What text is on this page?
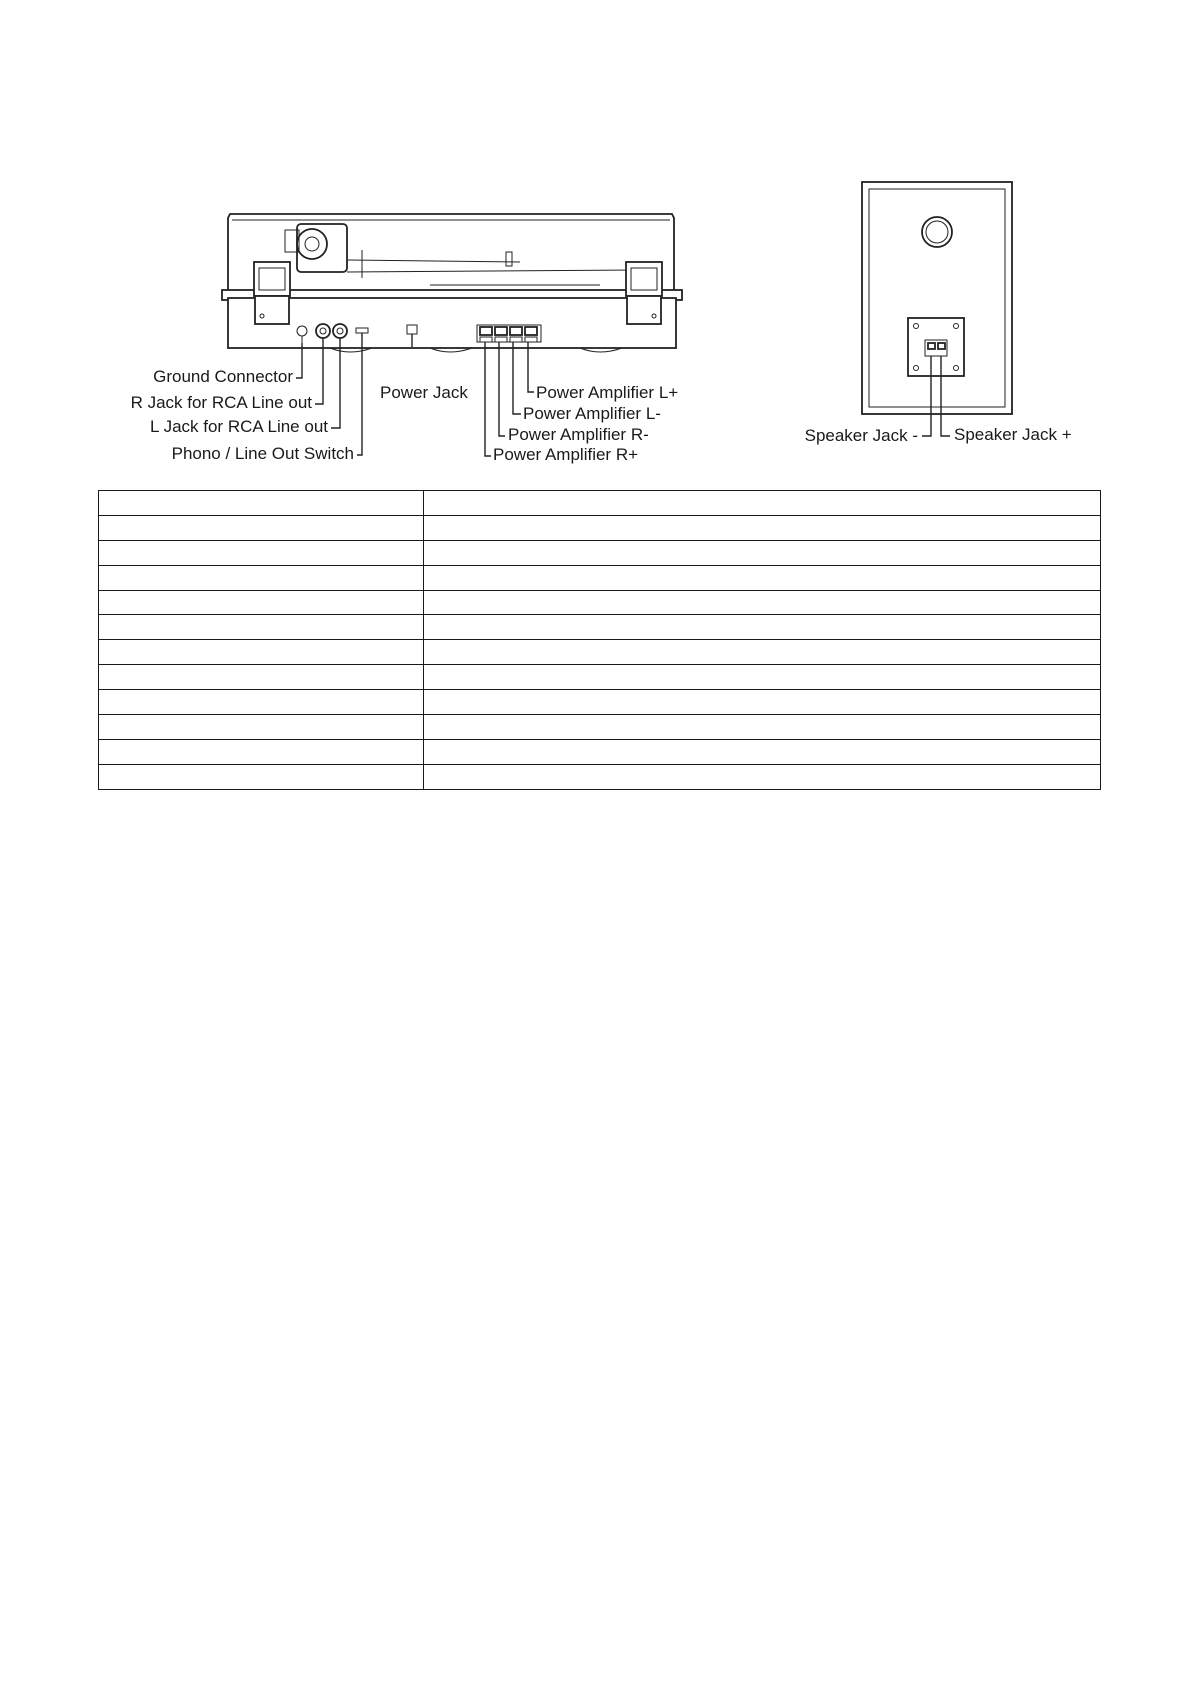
Ground Connector
R Jack for RCA Line out
L Jack for RCA Line out
Phono / Line Out Switch
Power Jack	Power Amplifier L+
Power Amplifier L-
Power Amplifier R-
Power Amplifier R+
Speaker Jack - Speaker Jack +
